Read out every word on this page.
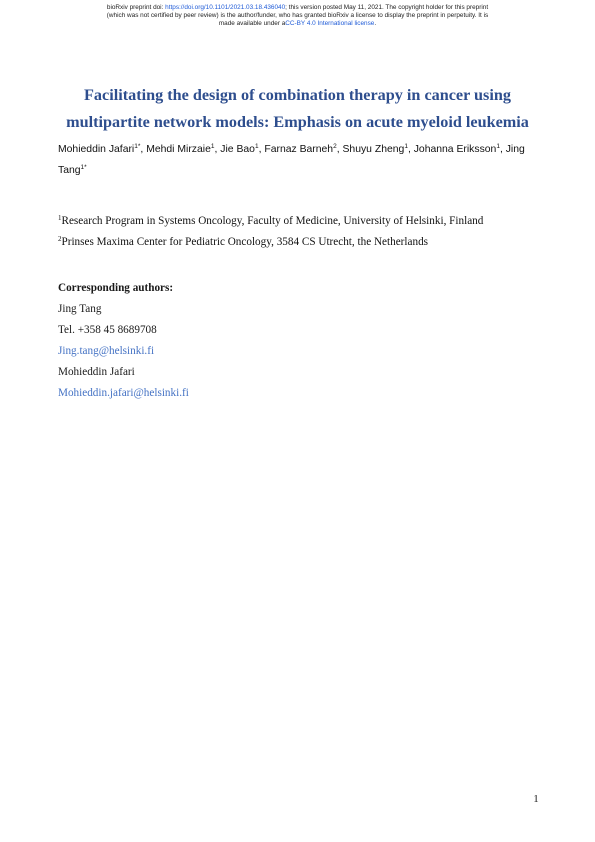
bioRxiv preprint doi: https://doi.org/10.1101/2021.03.18.436040; this version posted May 11, 2021. The copyright holder for this preprint
(which was not certified by peer review) is the author/funder, who has granted bioRxiv a license to display the preprint in perpetuity. It is
made available under aCC-BY 4.0 International license.
Facilitating the design of combination therapy in cancer using
multipartite network models: Emphasis on acute myeloid leukemia
Mohieddin Jafari$^{1*}$, Mehdi Mirzaie$^1$, Jie Bao$^1$, Farnaz Barneh$^2$, Shuyu Zheng$^1$, Johanna Eriksson$^1$, Jing Tang$^{1*}$
$^1$Research Program in Systems Oncology, Faculty of Medicine, University of Helsinki, Finland
$^2$Prinses Maxima Center for Pediatric Oncology, 3584 CS Utrecht, the Netherlands
Corresponding authors:
Jing Tang
Tel. +358 45 8689708
Jing.tang@helsinki.fi
Mohieddin Jafari
Mohieddin.jafari@helsinki.fi
1
